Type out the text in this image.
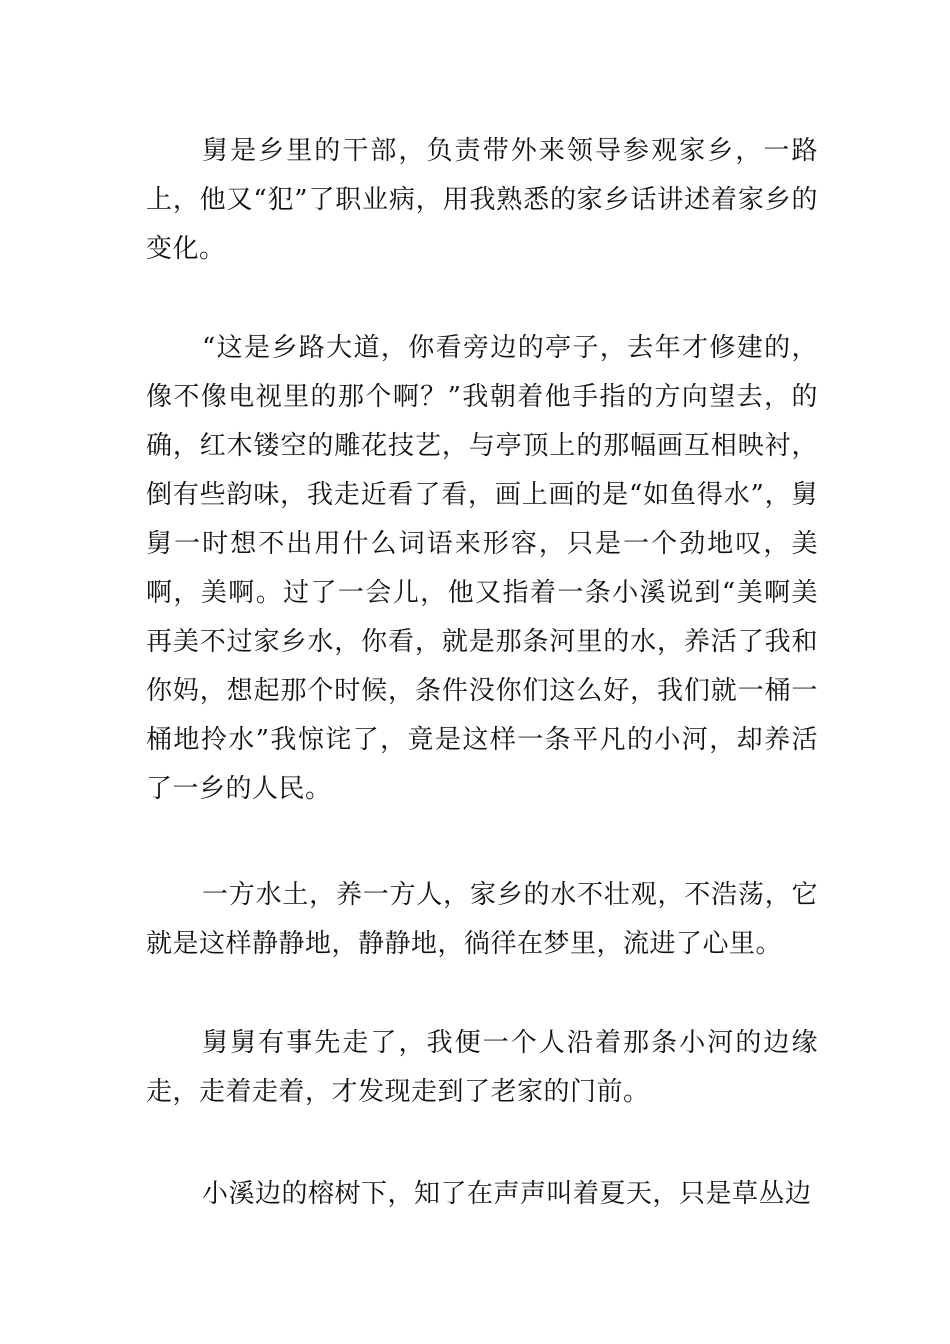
舅是乡里的干部，负责带外来领导参观家乡，一路上，他又“犯”了职业病，用我熟悉的家乡话讲述着家乡的变化。

“这是乡路大道，你看旁边的亭子，去年才修建的，像不像电视里的那个啊？”我朝着他手指的方向望去，的确，红木镂空的雕花技艺，与亭顶上的那幅画互相映衬，倒有些韵味，我走近看了看，画上画的是“如鱼得水”，舅舅一时想不出用什么词语来形容，只是一个劲地叹，美啊，美啊。过了一会儿，他又指着一条小溪说到“美啊美再美不过家乡水，你看，就是那条河里的水，养活了我和你妈，想起那个时候，条件没你们这么好，我们就一桶一桶地拎水”我惊诧了，竟是这样一条平凡的小河，却养活了一乡的人民。

一方水土，养一方人，家乡的水不壮观，不浩荡，它就是这样静静地，静静地，徜徉在梦里，流进了心里。

舅舅有事先走了，我便一个人沿着那条小河的边缘走，走着走着，才发现走到了老家的门前。

小溪边的榕树下，知了在声声叫着夏天，只是草丛边
